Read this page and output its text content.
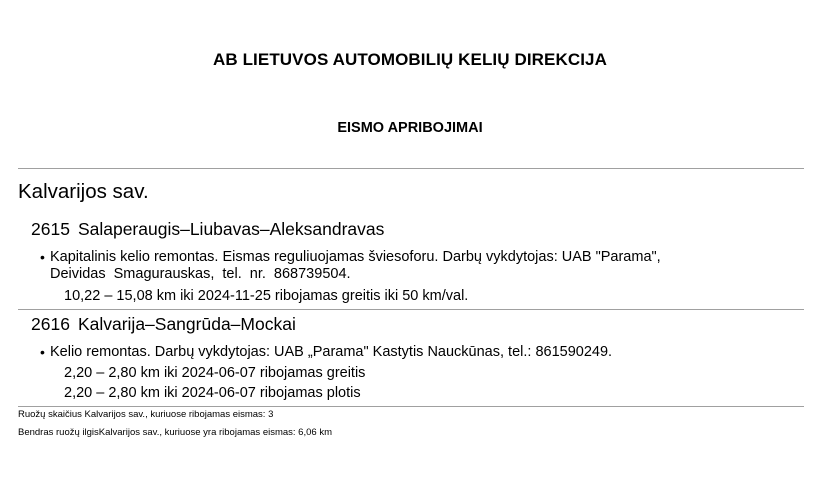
AB LIETUVOS AUTOMOBILIŲ KELIŲ DIREKCIJA
EISMO APRIBOJIMAI
Kalvarijos sav.
2615 Salaperaugis–Liubavas–Aleksandravas
• Kapitalinis kelio remontas. Eismas reguliuojamas šviesoforu. Darbų vykdytojas: UAB "Parama",
Deividas Smagurauskas, tel. nr. 868739504.
10,22 – 15,08 km iki 2024-11-25 ribojamas greitis iki 50 km/val.
2616 Kalvarija–Sangrūda–Mockai
• Kelio remontas. Darbų vykdytojas: UAB „Parama" Kastytis Nauckūnas, tel.: 861590249.
2,20 – 2,80 km iki 2024-06-07 ribojamas greitis
2,20 – 2,80 km iki 2024-06-07 ribojamas plotis
Ruožų skaičius Kalvarijos sav., kuriuose ribojamas eismas: 3
Bendras ruožų ilgisKalvarijos sav., kuriuose yra ribojamas eismas: 6,06 km
